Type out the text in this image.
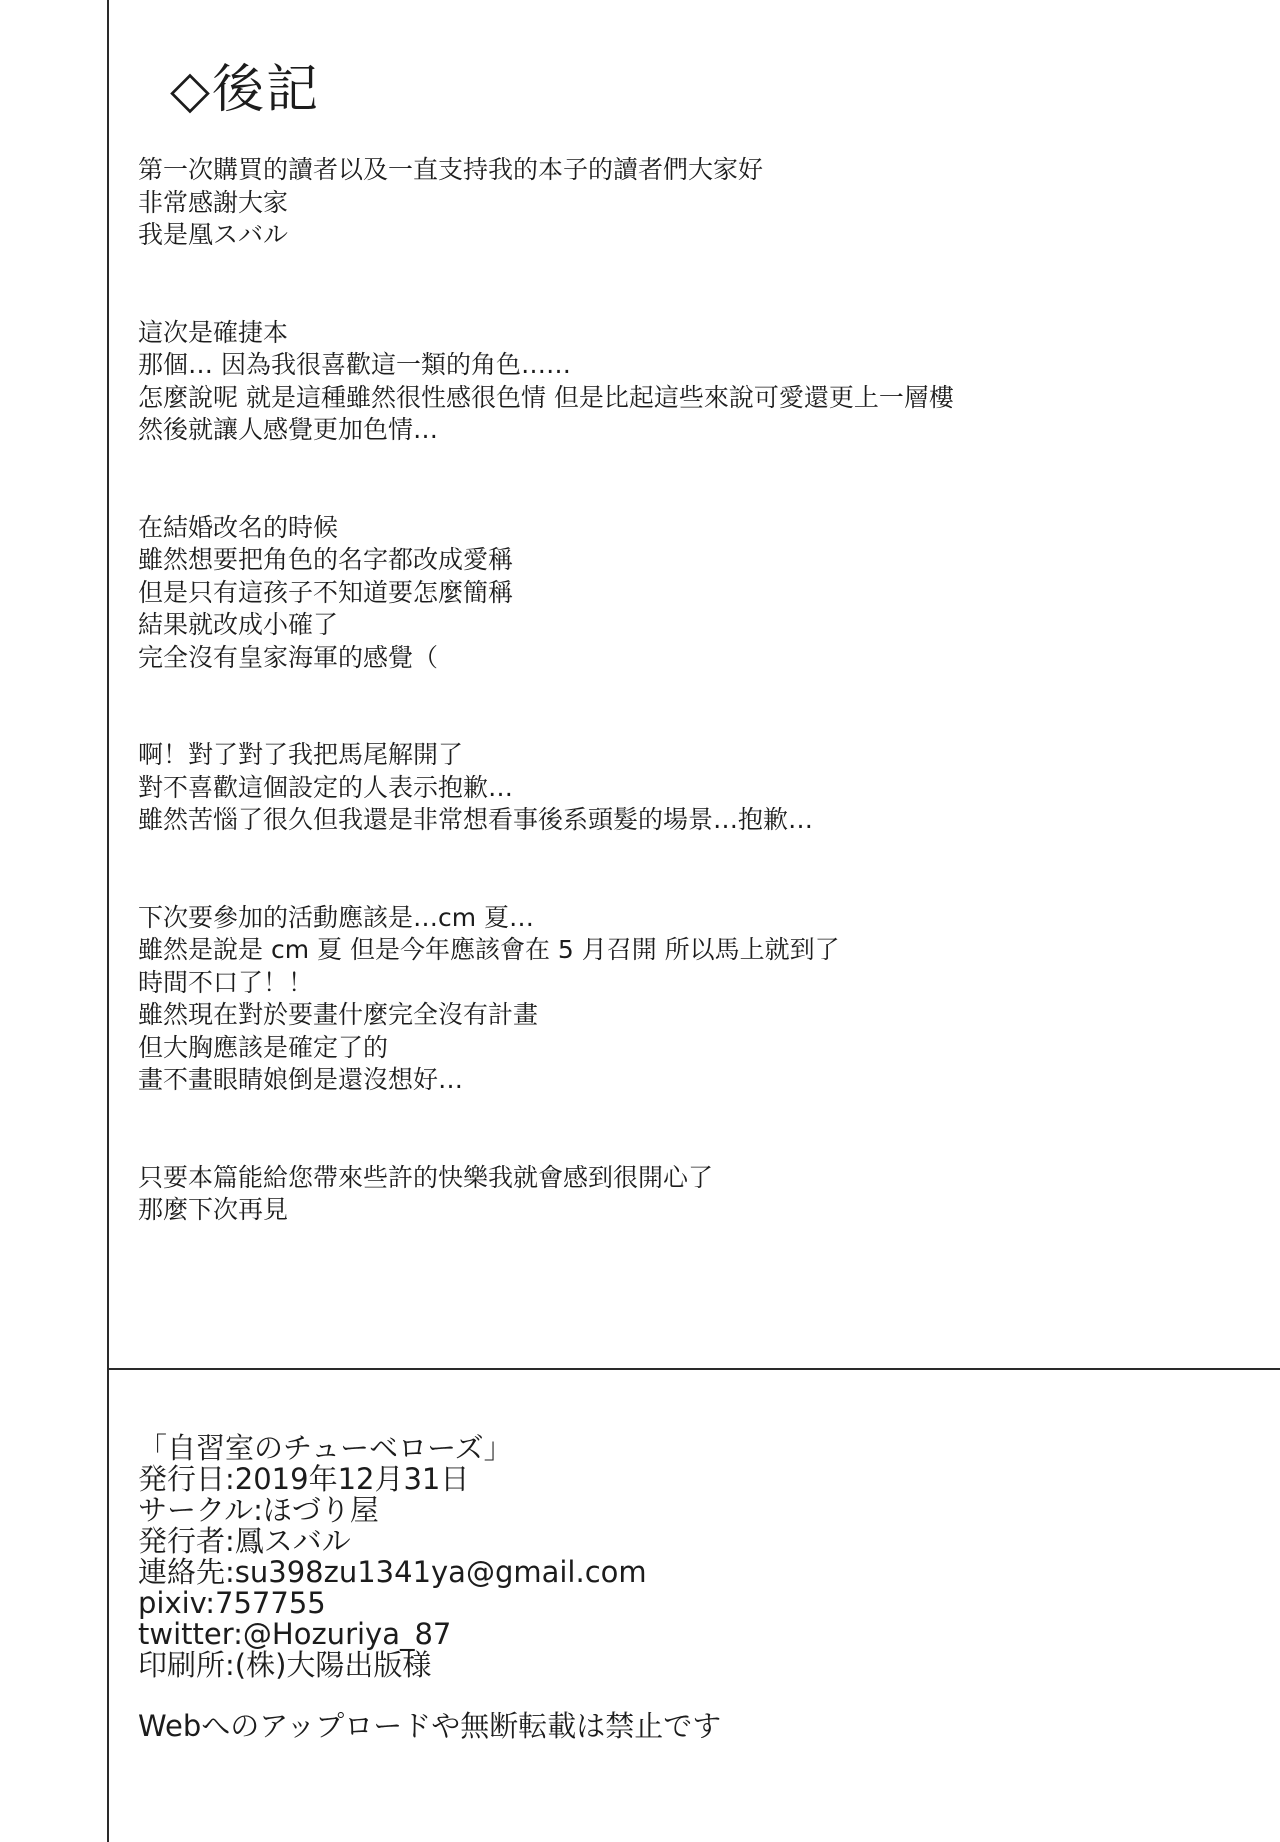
◇後記
第一次購買的讀者以及一直支持我的本子的讀者們大家好
非常感謝大家
我是凰スバル
這次是確捷本
那個… 因為我很喜歡這一類的角色……
怎麼說呢 就是這種雖然很性感很色情 但是比起這些來說可愛還更上一層樓
然後就讓人感覺更加色情…
在結婚改名的時候
雖然想要把角色的名字都改成愛稱
但是只有這孩子不知道要怎麼簡稱
結果就改成小確了
完全沒有皇家海軍的感覺（
啊！對了對了我把馬尾解開了
對不喜歡這個設定的人表示抱歉…
雖然苦惱了很久但我還是非常想看事後系頭髮的場景…抱歉…
下次要參加的活動應該是…cm 夏…
雖然是說是 cm 夏 但是今年應該會在 5 月召開 所以馬上就到了
時間不口了！！
雖然現在對於要畫什麼完全沒有計畫
但大胸應該是確定了的
畫不畫眼睛娘倒是還沒想好…
只要本篇能給您帶來些許的快樂我就會感到很開心了
那麼下次再見
「自習室のチューベローズ」
発行日:2019年12月31日
サークル:ほづり屋
発行者:鳳スバル
連絡先:su398zu1341ya@gmail.com
pixiv:757755
twitter:@Hozuriya_87
印刷所:(株)大陽出版様
Webへのアップロードや無断転載は禁止です
